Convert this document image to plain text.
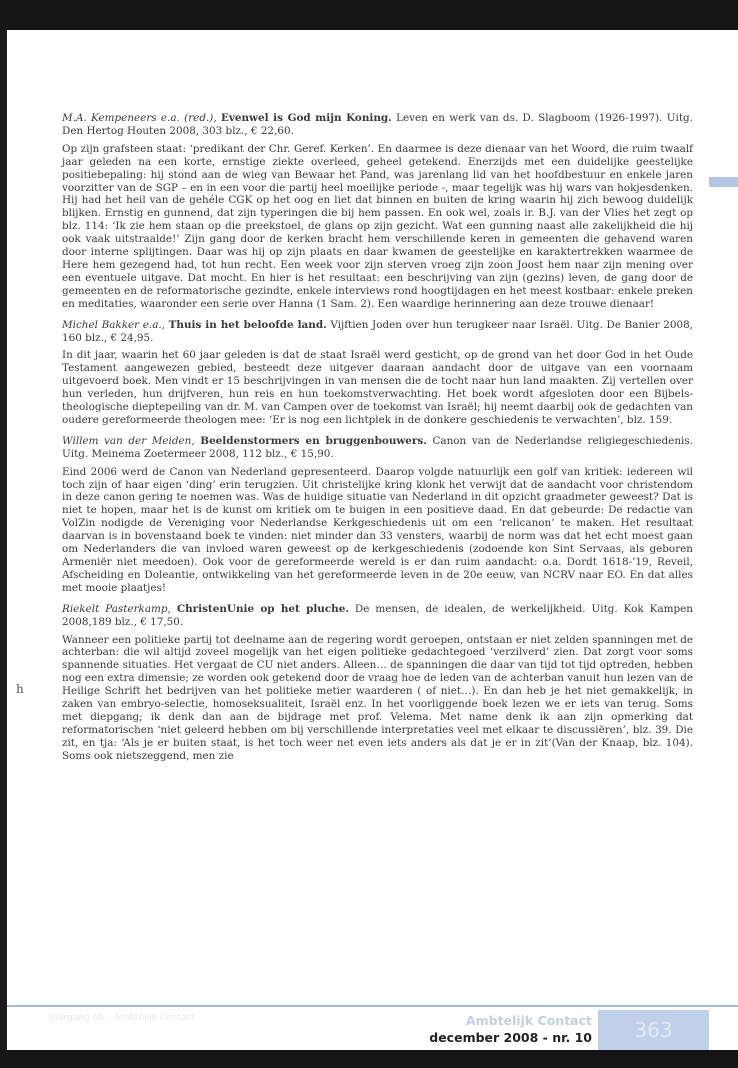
h

M.A. Kempeneers e.a. (red.), Evenwel is God mijn Koning. Leven en werk van ds. D. Slagboom (1926-1997). Uitg. Den Hertog Houten 2008, 303 blz., € 22,60.

Op zijn grafsteen staat: ‘predikant der Chr. Geref. Kerken’. En daarmee is deze dienaar van het Woord, die ruim twaalf jaar geleden na een korte, ernstige ziekte overleed, geheel getekend. Enerzijds met een duidelijke geestelijke positiebepaling: hij stond aan de wieg van Bewaar het Pand, was jarenlang lid van het hoofdbestuur en enkele jaren voorzitter van de SGP – en in een voor die partij heel moeilijke periode -, maar tegelijk was hij wars van hokjesdenken. Hij had het heil van de gehéle CGK op het oog en liet dat binnen en buiten de kring waarin hij zich bewoog duidelijk blijken. Ernstig en gunnend, dat zijn typeringen die bij hem passen. En ook wel, zoals ir. B.J. van der Vlies het zegt op blz. 114: ‘Ik zie hem staan op die preekstoel, de glans op zijn gezicht. Wat een gunning naast alle zakelijkheid die hij ook vaak uitstraalde!’ Zijn gang door de kerken bracht hem verschillende keren in gemeenten die gehavend waren door interne splijtingen. Daar was hij op zijn plaats en daar kwamen de geestelijke en karaktertrekken waarmee de Here hem gezegend had, tot hun recht. Een week voor zijn sterven vroeg zijn zoon Joost hem naar zijn mening over een eventuele uitgave. Dat mocht. En hier is het resultaat: een beschrijving van zijn (gezins) leven, de gang door de gemeenten en de reformatorische gezindte, enkele interviews rond hoogtijdagen en het meest kostbaar: enkele preken en meditaties, waaronder een serie over Hanna (1 Sam. 2). Een waardige herinnering aan deze trouwe dienaar!

Michel Bakker e.a., Thuis in het beloofde land. Vijftien Joden over hun terugkeer naar Israël. Uitg. De Banier 2008, 160 blz., € 24,95.

In dit jaar, waarin het 60 jaar geleden is dat de staat Israël werd gesticht, op de grond van het door God in het Oude Testament aangewezen gebied, besteedt deze uitgever daaraan aandacht door de uitgave van een voornaam uitgevoerd boek. Men vindt er 15 beschrijvingen in van mensen die de tocht naar hun land maakten. Zij vertellen over hun verleden, hun drijfveren, hun reis en hun toekomstverwachting. Het boek wordt afgesloten door een Bijbels-theologische dieptepeiling van dr. M. van Campen over de toekomst van Israël; hij neemt daarbij ook de gedachten van oudere gereformeerde theologen mee: ‘Er is nog een lichtplek in de donkere geschiedenis te verwachten’, blz. 159.

Willem van der Meiden, Beeldenstormers en bruggenbouwers. Canon van de Nederlandse religiegeschiedenis. Uitg. Meinema Zoetermeer 2008, 112 blz., € 15,90.

Eind 2006 werd de Canon van Nederland gepresenteerd. Daarop volgde natuurlijk een golf van kritiek: iedereen wil toch zijn of haar eigen ‘ding’ erin terugzien. Uit christelijke kring klonk het verwijt dat de aandacht voor christendom in deze canon gering te noemen was. Was de huidige situatie van Nederland in dit opzicht graadmeter geweest? Dat is niet te hopen, maar het is de kunst om kritiek om te buigen in een positieve daad. En dat gebeurde: De redactie van VolZin nodigde de Vereniging voor Nederlandse Kerkgeschiedenis uit om een ‘relicanon’ te maken. Het resultaat daarvan is in bovenstaand boek te vinden: niet minder dan 33 vensters, waarbij de norm was dat het echt moest gaan om Nederlanders die van invloed waren geweest op de kerkgeschiedenis (zodoende kon Sint Servaas, als geboren Armeniër niet meedoen). Ook voor de gereformeerde wereld is er dan ruim aandacht: o.a. Dordt 1618-’19, Reveil, Afscheiding en Doleantie, ontwikkeling van het gereformeerde leven in de 20e eeuw, van NCRV naar EO. En dat alles met mooie plaatjes!

Riekelt Pasterkamp, ChristenUnie op het pluche. De mensen, de idealen, de werkelijkheid. Uitg. Kok Kampen 2008,189 blz., € 17,50.

Wanneer een politieke partij tot deelname aan de regering wordt geroepen, ontstaan er niet zelden spanningen met de achterban: die wil altijd zoveel mogelijk van het eigen politieke gedachtegoed ‘verzilverd’ zien. Dat zorgt voor soms spannende situaties. Het vergaat de CU niet anders. Alleen… de spanningen die daar van tijd tot tijd optreden, hebben nog een extra dimensie; ze worden ook getekend door de vraag hoe de leden van de achterban vanuit hun lezen van de Heilige Schrift het bedrijven van het politieke metier waarderen ( of niet…). En dan heb je het niet gemakkelijk, in zaken van embryo-selectie, homoseksualiteit, Israël enz. In het voorliggende boek lezen we er iets van terug. Soms met diepgang; ik denk dan aan de bijdrage met prof. Velema. Met name denk ik aan zijn opmerking dat reformatorischen ‘niet geleerd hebben om bij verschillende interpretaties veel met elkaar te discussiëren’, blz. 39. Die zit, en tja: ‘Als je er buiten staat, is het toch weer net even iets anders als dat je er in zit’(Van der Knaap, blz. 104). Soms ook nietszeggend, men zie

Jaargang 66 – Ambtelijk Contact	Ambtelijk Contact
december 2008 - nr. 10	363
